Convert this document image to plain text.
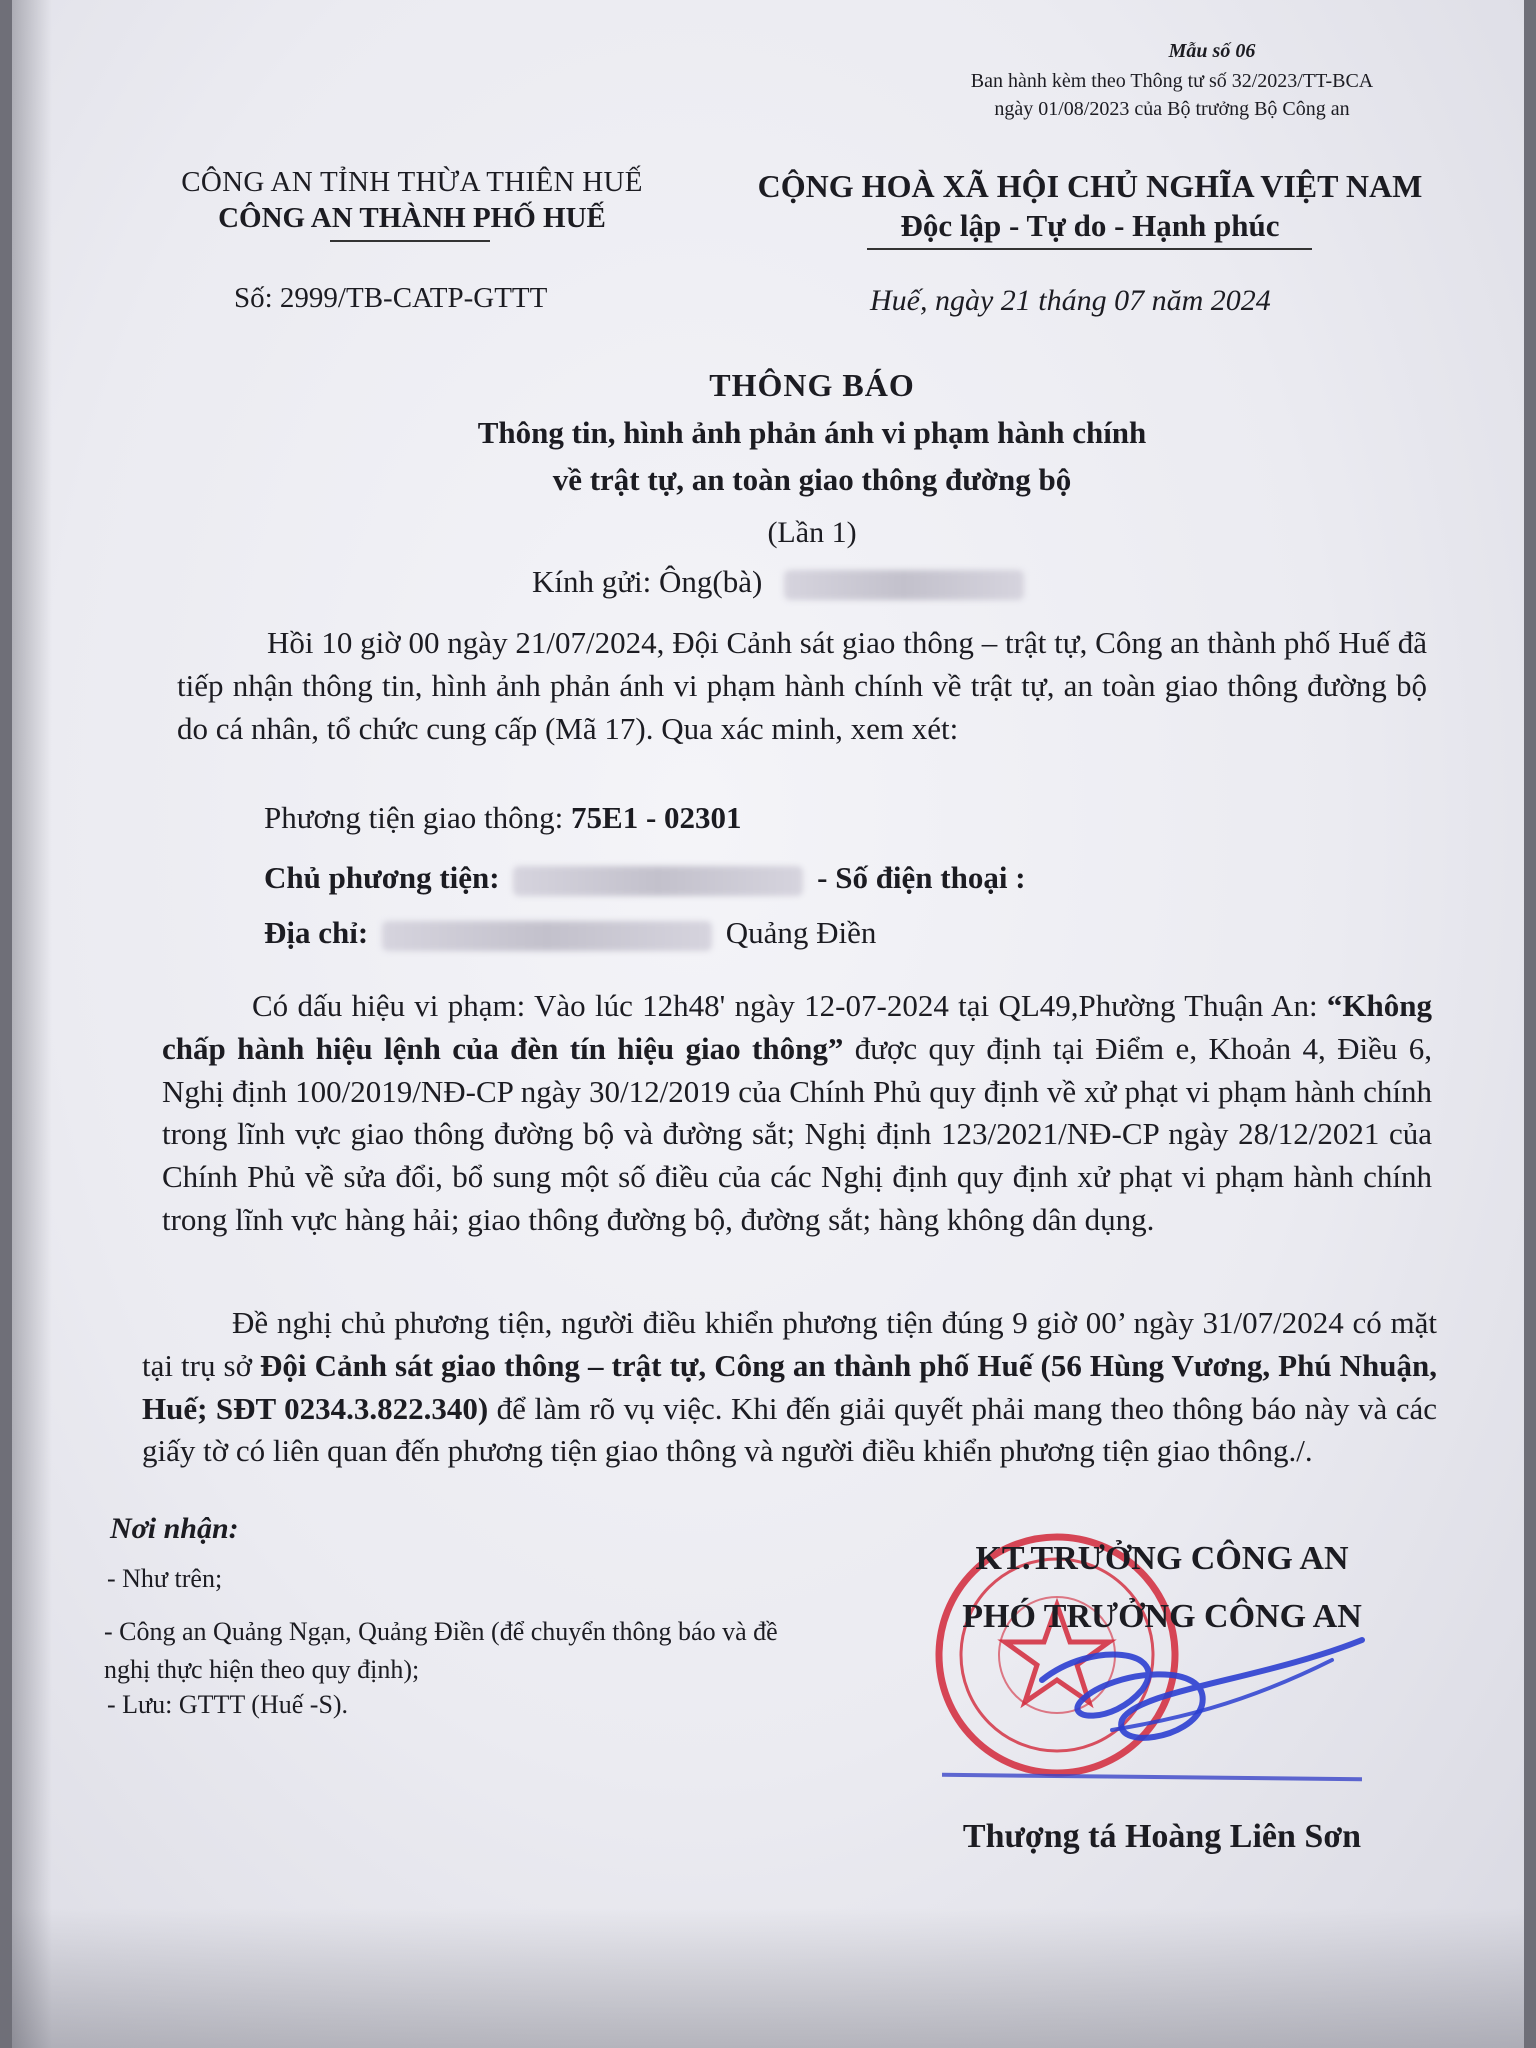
Mẫu số 06
Ban hành kèm theo Thông tư số 32/2023/TT-BCA
ngày 01/08/2023 của Bộ trưởng Bộ Công an
CÔNG AN TỈNH THỪA THIÊN HUẾ
CÔNG AN THÀNH PHỐ HUẾ
CỘNG HOÀ XÃ HỘI CHỦ NGHĨA VIỆT NAM
Độc lập - Tự do - Hạnh phúc
Số: 2999/TB-CATP-GTTT	Huế, ngày 21 tháng 07 năm 2024
THÔNG BÁO
Thông tin, hình ảnh phản ánh vi phạm hành chính
về trật tự, an toàn giao thông đường bộ
(Lần 1)
Kính gửi: Ông(bà)
Hồi 10 giờ 00 ngày 21/07/2024, Đội Cảnh sát giao thông – trật tự, Công an thành phố Huế đã tiếp nhận thông tin, hình ảnh phản ánh vi phạm hành chính về trật tự, an toàn giao thông đường bộ do cá nhân, tổ chức cung cấp (Mã 17). Qua xác minh, xem xét:
Phương tiện giao thông: 75E1 - 02301
Chủ phương tiện:	- Số điện thoại :
Địa chỉ:	Quảng Điền
Có dấu hiệu vi phạm: Vào lúc 12h48' ngày 12-07-2024 tại QL49,Phường Thuận An: “Không chấp hành hiệu lệnh của đèn tín hiệu giao thông” được quy định tại Điểm e, Khoản 4, Điều 6, Nghị định 100/2019/NĐ-CP ngày 30/12/2019 của Chính Phủ quy định về xử phạt vi phạm hành chính trong lĩnh vực giao thông đường bộ và đường sắt; Nghị định 123/2021/NĐ-CP ngày 28/12/2021 của Chính Phủ về sửa đổi, bổ sung một số điều của các Nghị định quy định xử phạt vi phạm hành chính trong lĩnh vực hàng hải; giao thông đường bộ, đường sắt; hàng không dân dụng.
Đề nghị chủ phương tiện, người điều khiển phương tiện đúng 9 giờ 00’ ngày 31/07/2024 có mặt tại trụ sở Đội Cảnh sát giao thông – trật tự, Công an thành phố Huế (56 Hùng Vương, Phú Nhuận, Huế; SĐT 0234.3.822.340) để làm rõ vụ việc. Khi đến giải quyết phải mang theo thông báo này và các giấy tờ có liên quan đến phương tiện giao thông và người điều khiển phương tiện giao thông./.
Nơi nhận:
- Như trên;
- Công an Quảng Ngạn, Quảng Điền (để chuyển thông báo và đề nghị thực hiện theo quy định);
- Lưu: GTTT (Huế -S).
KT.TRƯỞNG CÔNG AN
PHÓ TRƯỞNG CÔNG AN
Thượng tá Hoàng Liên Sơn
